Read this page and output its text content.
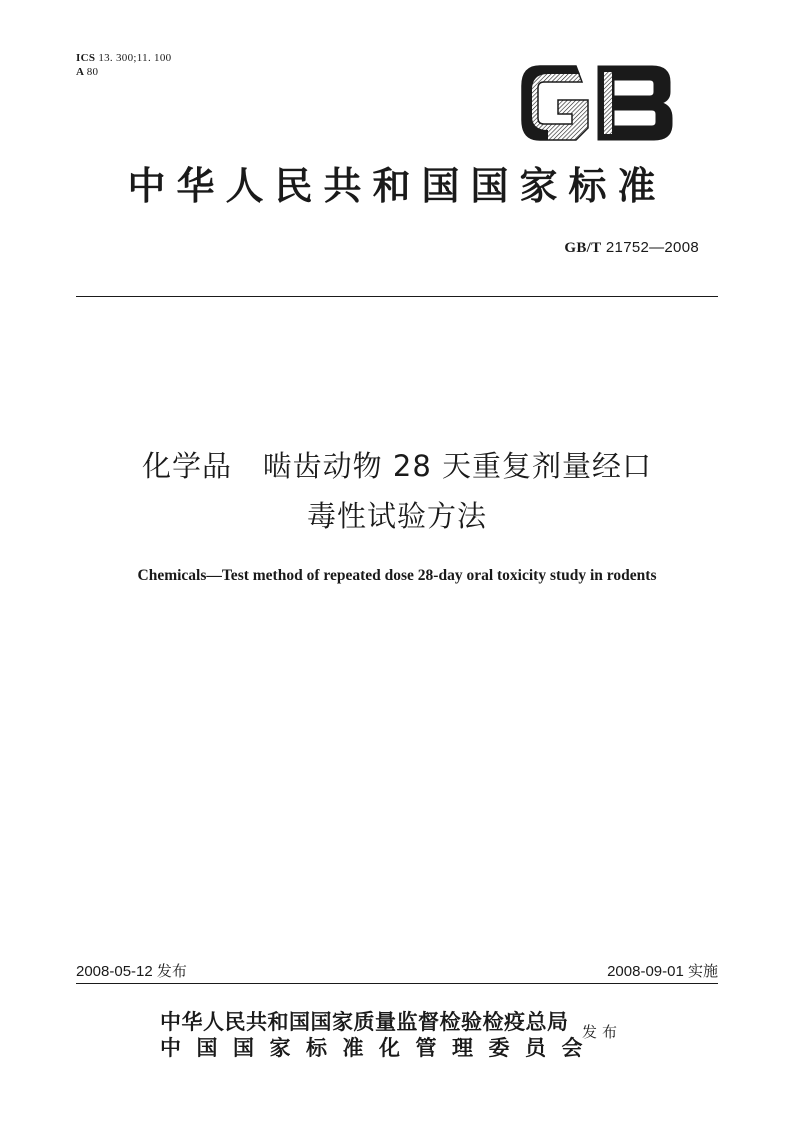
ICS 13. 300;11. 100
A 80
中华人民共和国国家标准
GB/T 21752—2008
化学品   啮齿动物 28 天重复剂量经口
毒性试验方法
Chemicals—Test method of repeated dose 28-day oral toxicity study in rodents
2008-05-12 发布	2008-09-01 实施
中华人民共和国国家质量监督检验检疫总局
中国国家标准化管理委员会
发布
